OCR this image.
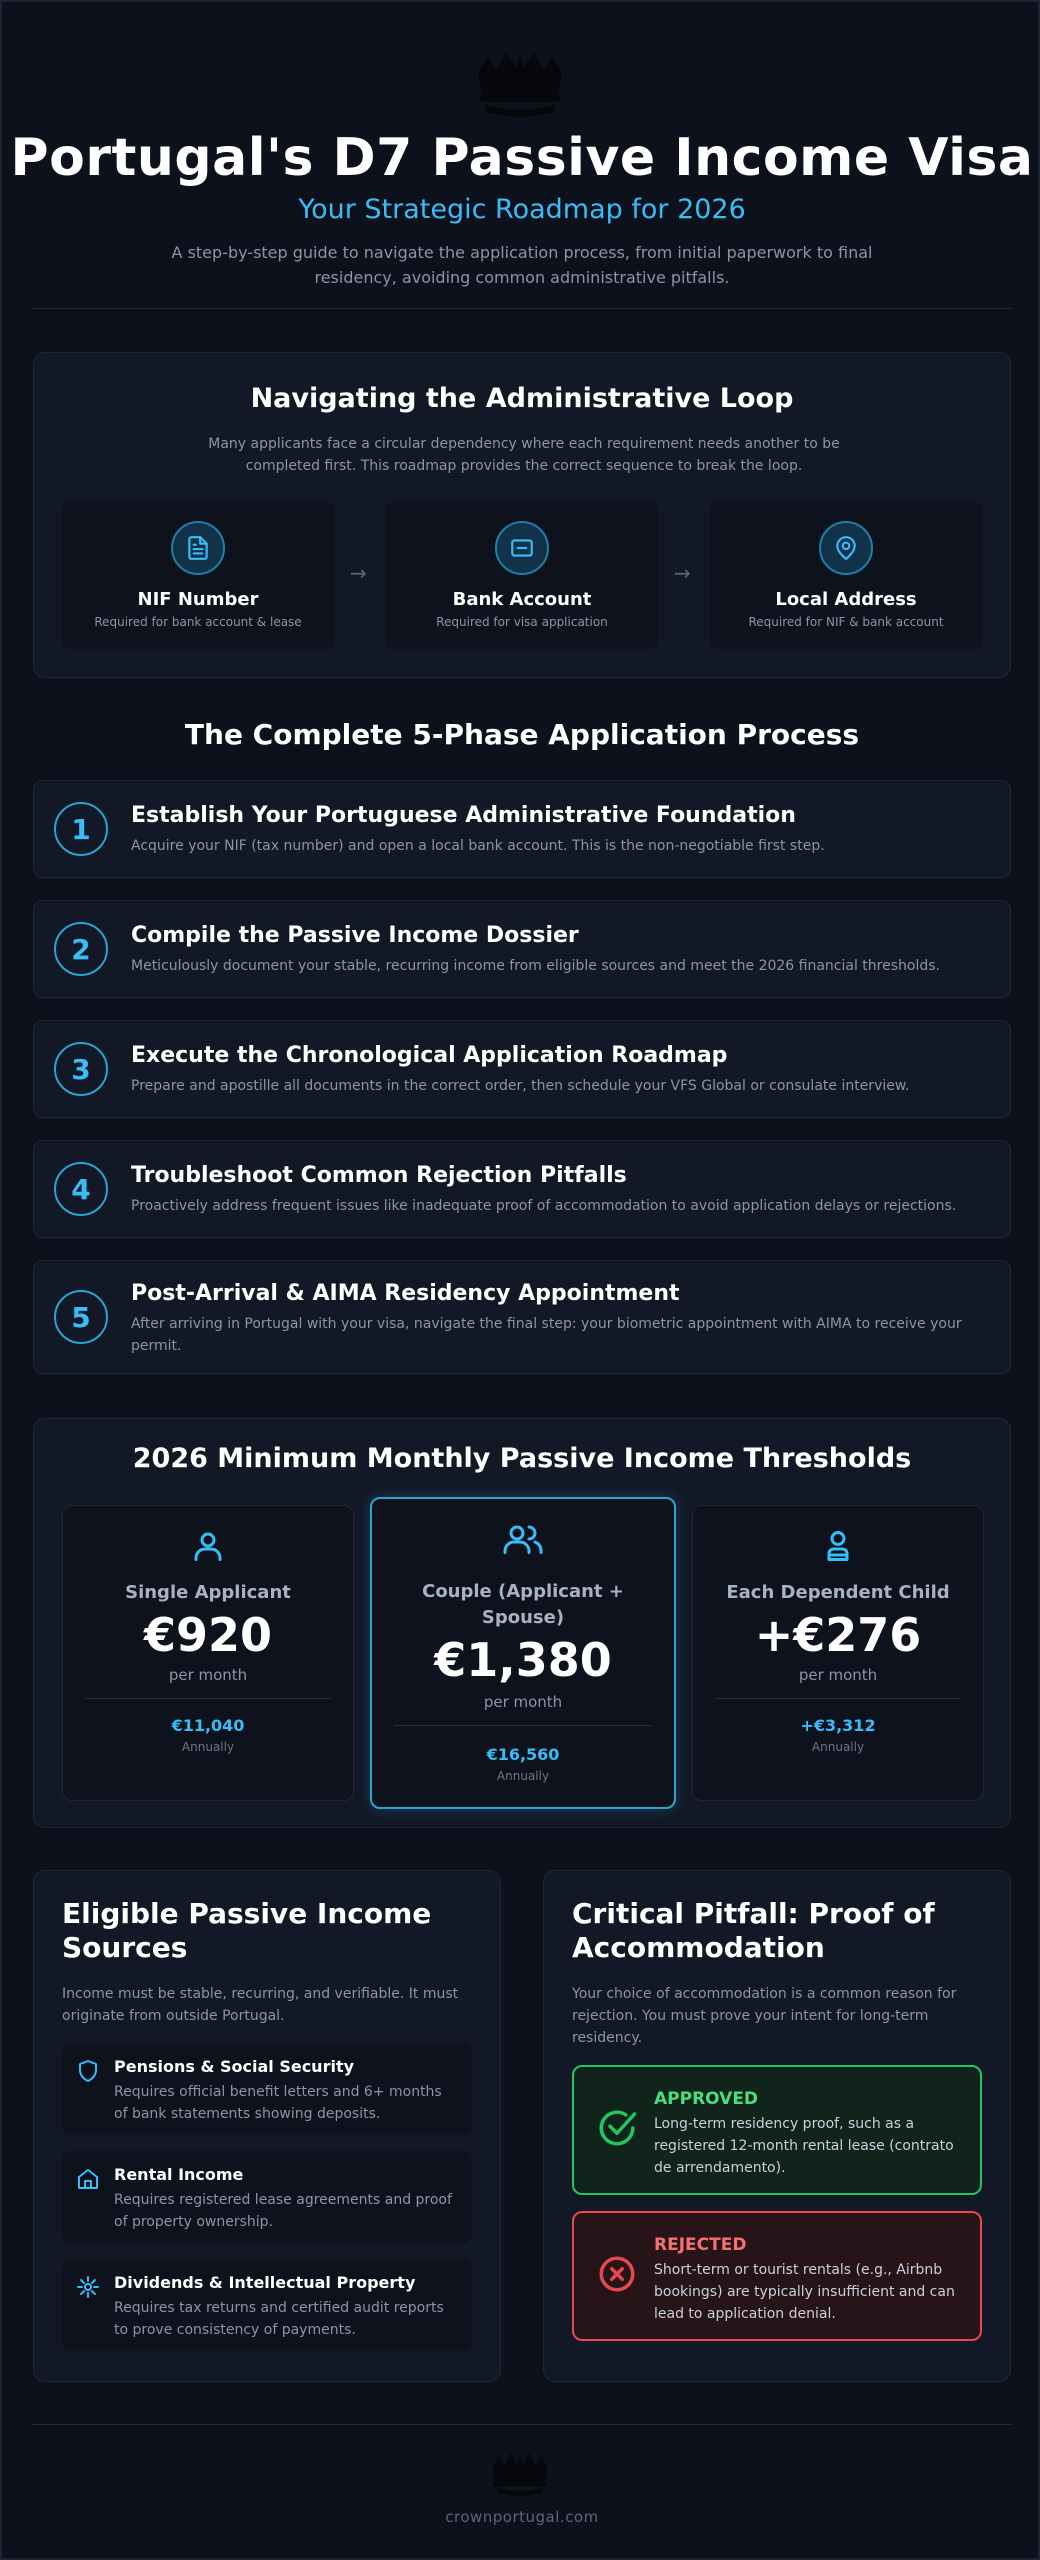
Portugal's D7 Passive Income Visa
Your Strategic Roadmap for 2026
A step-by-step guide to navigate the application process, from initial paperwork to final residency, avoiding common administrative pitfalls.
Navigating the Administrative Loop
Many applicants face a circular dependency where each requirement needs another to be completed first. This roadmap provides the correct sequence to break the loop.
NIF Number
Required for bank account & lease
→
Bank Account
Required for visa application
→
Local Address
Required for NIF & bank account
The Complete 5-Phase Application Process
1	Establish Your Portuguese Administrative Foundation
Acquire your NIF (tax number) and open a local bank account. This is the non-negotiable first step.
2	Compile the Passive Income Dossier
Meticulously document your stable, recurring income from eligible sources and meet the 2026 financial thresholds.
3	Execute the Chronological Application Roadmap
Prepare and apostille all documents in the correct order, then schedule your VFS Global or consulate interview.
4	Troubleshoot Common Rejection Pitfalls
Proactively address frequent issues like inadequate proof of accommodation to avoid application delays or rejections.
5
Post-Arrival & AIMA Residency Appointment
After arriving in Portugal with your visa, navigate the final step: your biometric appointment with AIMA to receive your permit.
2026 Minimum Monthly Passive Income Thresholds
Single Applicant
€920
per month
€11,040
Annually
Couple (Applicant + Spouse)
€1,380
per month
€16,560
Annually
Each Dependent Child
+€276
per month
+€3,312
Annually
Eligible Passive Income Sources
Income must be stable, recurring, and verifiable. It must originate from outside Portugal.
Pensions & Social Security
Requires official benefit letters and 6+ months of bank statements showing deposits.
Rental Income
Requires registered lease agreements and proof of property ownership.
Dividends & Intellectual Property
Requires tax returns and certified audit reports to prove consistency of payments.
Critical Pitfall: Proof of Accommodation
Your choice of accommodation is a common reason for rejection. You must prove your intent for long-term residency.
APPROVED
Long-term residency proof, such as a registered 12-month rental lease (contrato de arrendamento).
REJECTED
Short-term or tourist rentals (e.g., Airbnb bookings) are typically insufficient and can lead to application denial.
crownportugal.com
